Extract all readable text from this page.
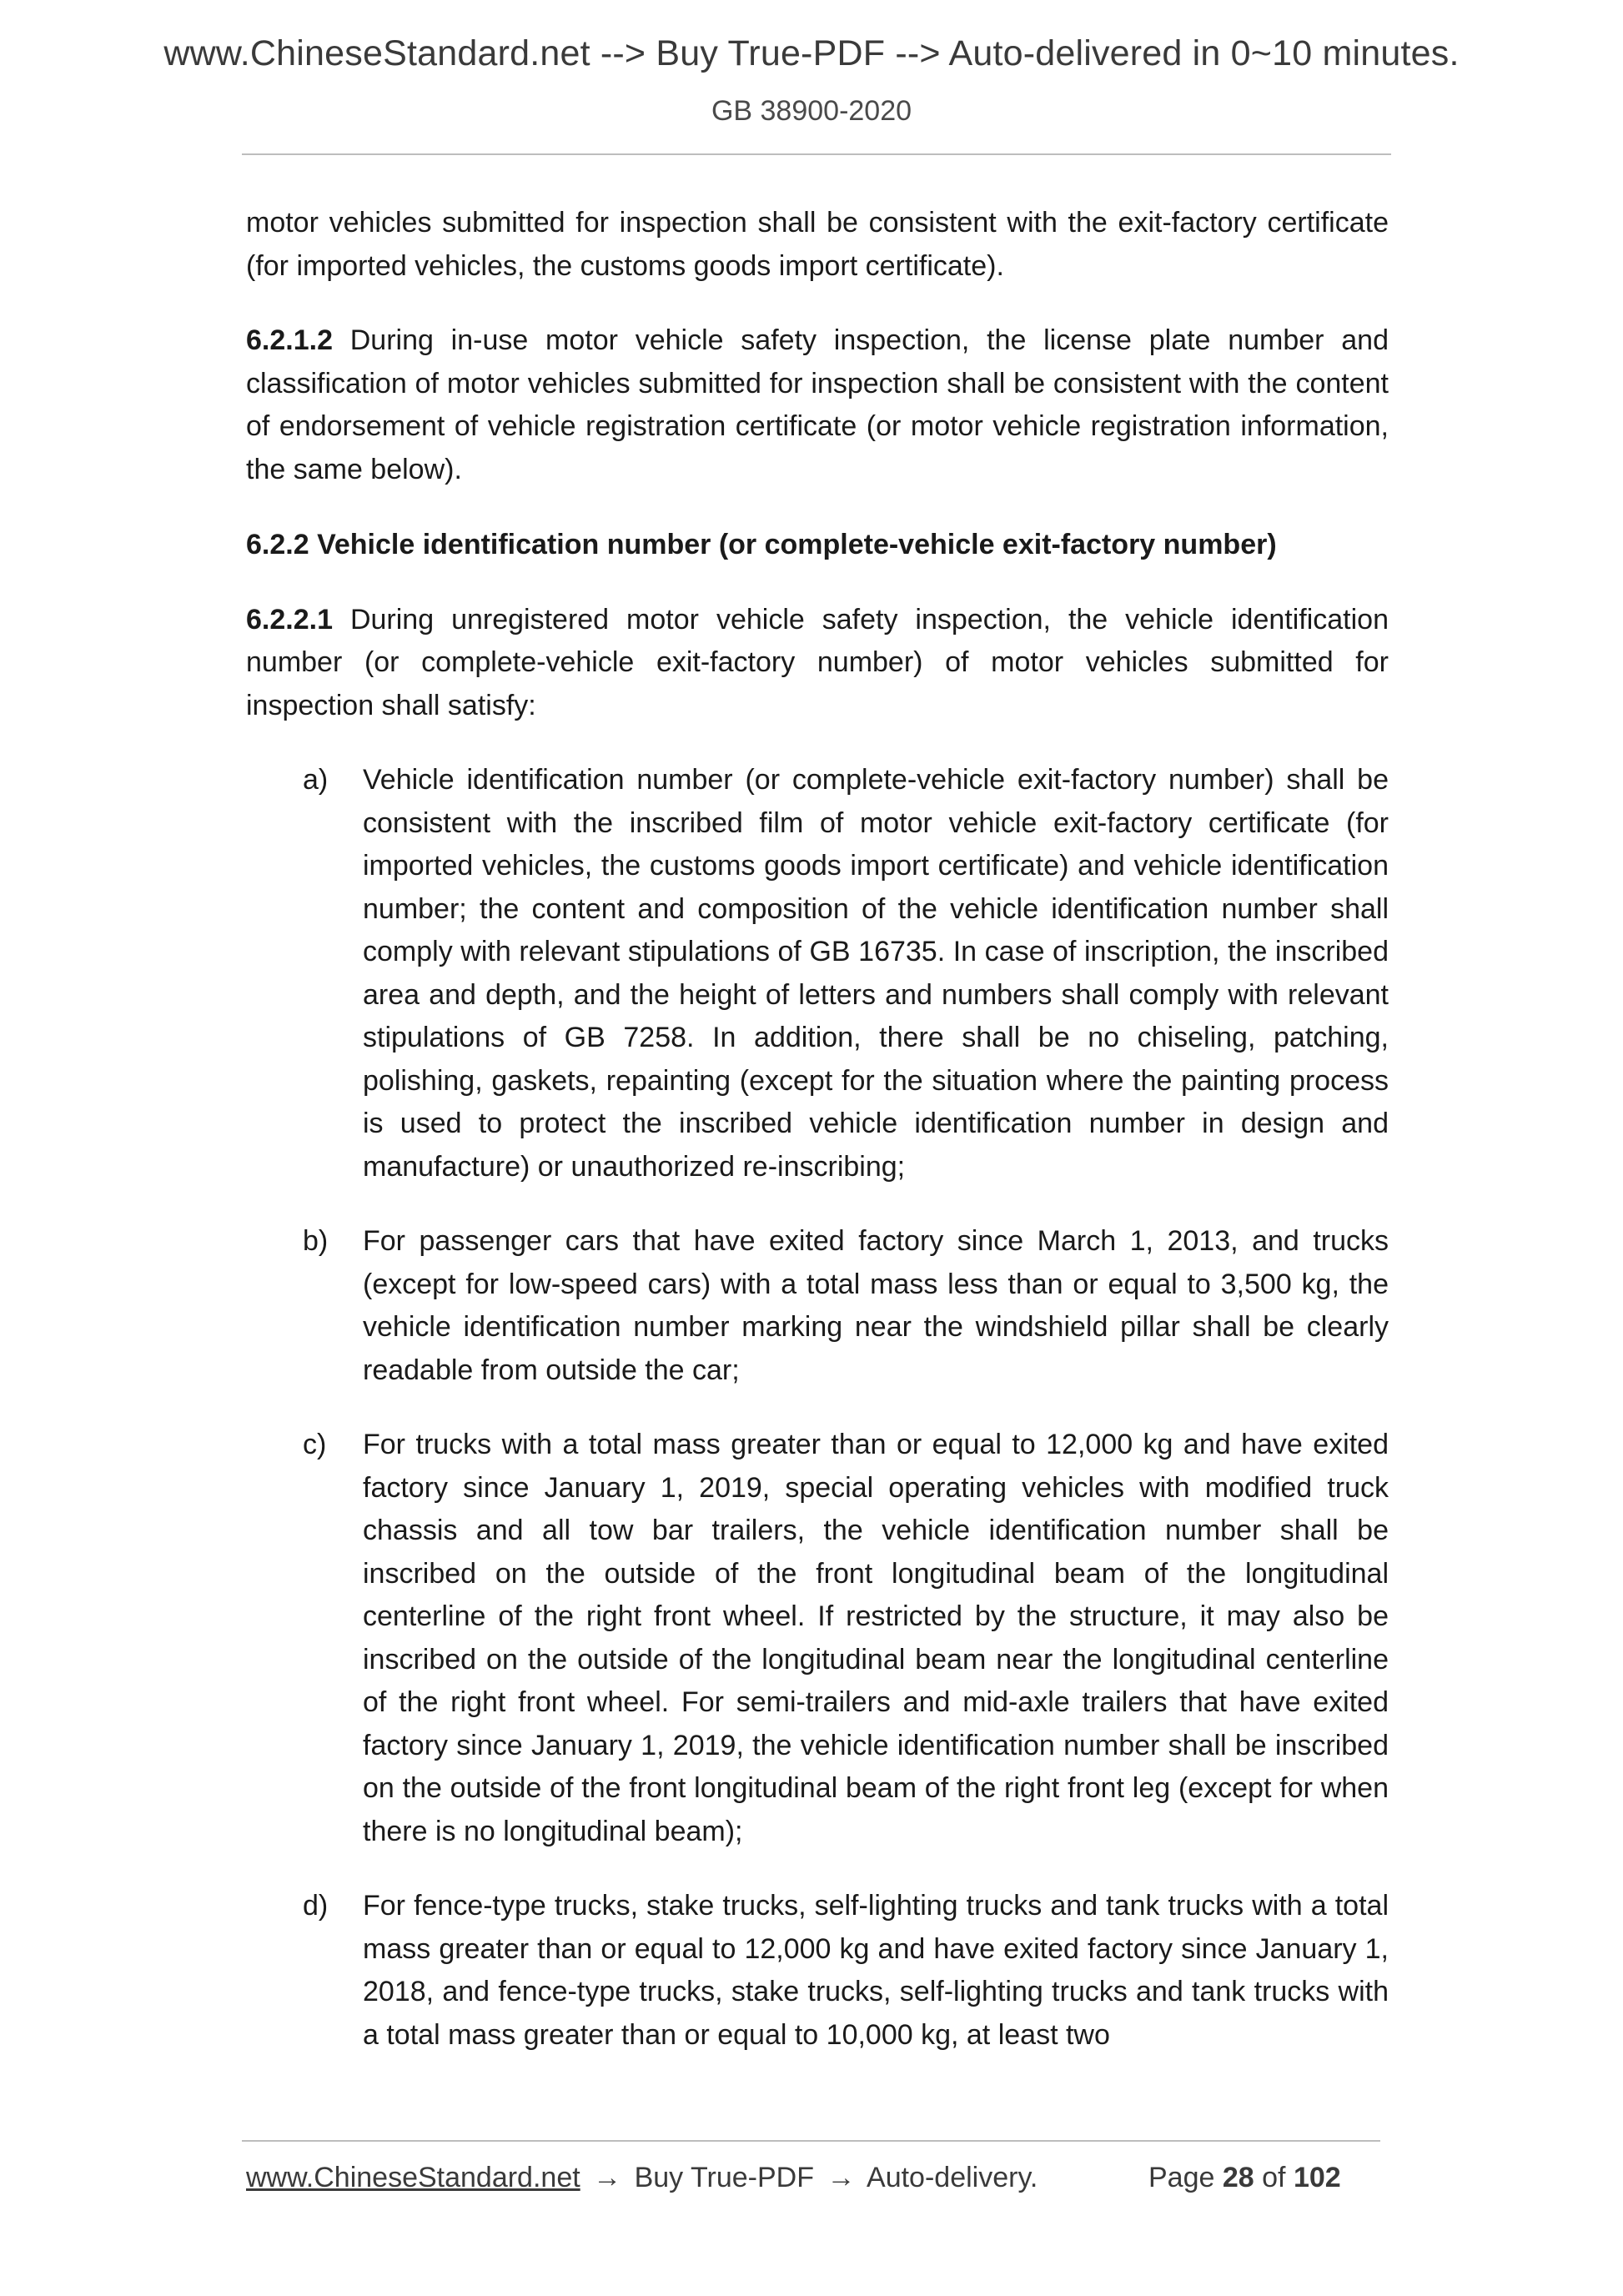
www.ChineseStandard.net --> Buy True-PDF --> Auto-delivered in 0~10 minutes.
GB 38900-2020

motor vehicles submitted for inspection shall be consistent with the exit-factory certificate (for imported vehicles, the customs goods import certificate).

6.2.1.2 During in-use motor vehicle safety inspection, the license plate number and classification of motor vehicles submitted for inspection shall be consistent with the content of endorsement of vehicle registration certificate (or motor vehicle registration information, the same below).

6.2.2 Vehicle identification number (or complete-vehicle exit-factory number)

6.2.2.1 During unregistered motor vehicle safety inspection, the vehicle identification number (or complete-vehicle exit-factory number) of motor vehicles submitted for inspection shall satisfy:

a) Vehicle identification number (or complete-vehicle exit-factory number) shall be consistent with the inscribed film of motor vehicle exit-factory certificate (for imported vehicles, the customs goods import certificate) and vehicle identification number; the content and composition of the vehicle identification number shall comply with relevant stipulations of GB 16735. In case of inscription, the inscribed area and depth, and the height of letters and numbers shall comply with relevant stipulations of GB 7258. In addition, there shall be no chiseling, patching, polishing, gaskets, repainting (except for the situation where the painting process is used to protect the inscribed vehicle identification number in design and manufacture) or unauthorized re-inscribing;
b) For passenger cars that have exited factory since March 1, 2013, and trucks (except for low-speed cars) with a total mass less than or equal to 3,500 kg, the vehicle identification number marking near the windshield pillar shall be clearly readable from outside the car;
c) For trucks with a total mass greater than or equal to 12,000 kg and have exited factory since January 1, 2019, special operating vehicles with modified truck chassis and all tow bar trailers, the vehicle identification number shall be inscribed on the outside of the front longitudinal beam of the longitudinal centerline of the right front wheel. If restricted by the structure, it may also be inscribed on the outside of the longitudinal beam near the longitudinal centerline of the right front wheel. For semi-trailers and mid-axle trailers that have exited factory since January 1, 2019, the vehicle identification number shall be inscribed on the outside of the front longitudinal beam of the right front leg (except for when there is no longitudinal beam);
d) For fence-type trucks, stake trucks, self-lighting trucks and tank trucks with a total mass greater than or equal to 12,000 kg and have exited factory since January 1, 2018, and fence-type trucks, stake trucks, self-lighting trucks and tank trucks with a total mass greater than or equal to 10,000 kg, at least two
www.ChineseStandard.net → Buy True-PDF → Auto-delivery.	Page 28 of 102
